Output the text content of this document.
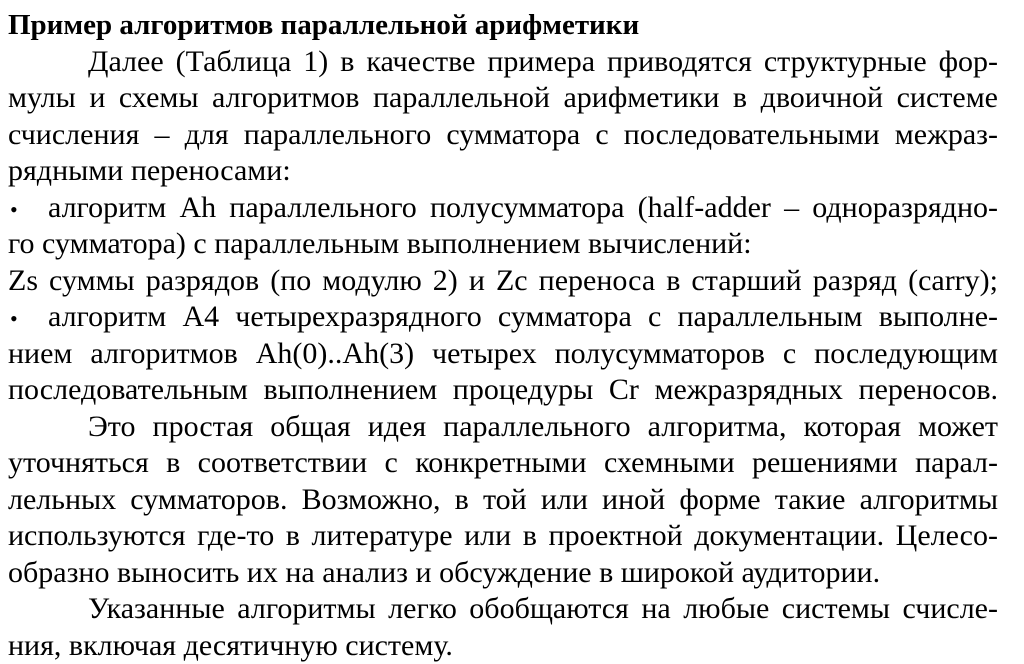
Пример алгоритмов параллельной арифметики
Далее (Таблица 1) в качестве примера приводятся структурные фор-
мулы и схемы алгоритмов параллельной арифметики в двоичной системе
счисления – для параллельного сумматора с последовательными межраз-
рядными переносами:
•	алгоритм Ah параллельного полусумматора (half-adder – одноразрядно-
го сумматора) с параллельным выполнением вычислений:
Zs суммы разрядов (по модулю 2) и Zc переноса в старший разряд (carry);
•	алгоритм A4 четырехразрядного сумматора с параллельным выполне-
нием алгоритмов Ah(0)..Ah(3) четырех полусумматоров с последующим
последовательным выполнением процедуры Cr межразрядных переносов.
Это простая общая идея параллельного алгоритма, которая может
уточняться в соответствии с конкретными схемными решениями парал-
лельных сумматоров. Возможно, в той или иной форме такие алгоритмы
используются где-то в литературе или в проектной документации. Целесо-
образно выносить их на анализ и обсуждение в широкой аудитории.
Указанные алгоритмы легко обобщаются на любые системы счисле-
ния, включая десятичную систему.
